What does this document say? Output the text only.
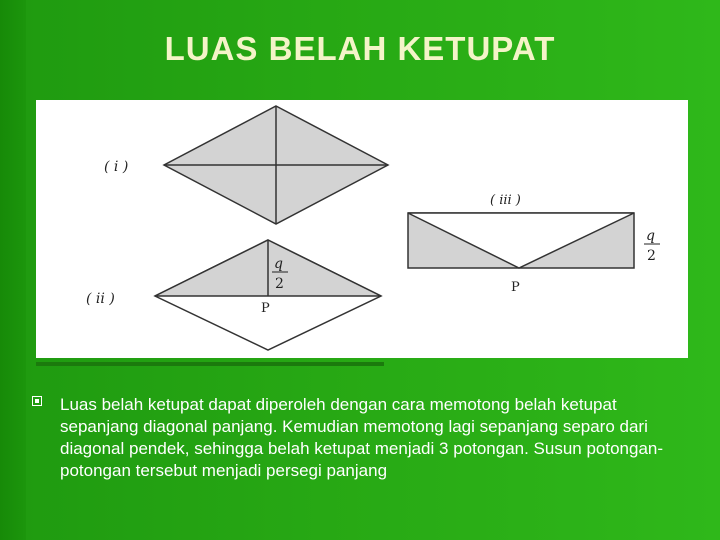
LUAS BELAH KETUPAT
( i )
q
2
P
( ii )
( iii )
q
2
P
Luas belah ketupat dapat diperoleh dengan cara memotong belah ketupat sepanjang diagonal panjang. Kemudian memotong lagi sepanjang separo dari diagonal pendek, sehingga belah ketupat menjadi 3 potongan. Susun potongan-potongan tersebut menjadi persegi panjang
